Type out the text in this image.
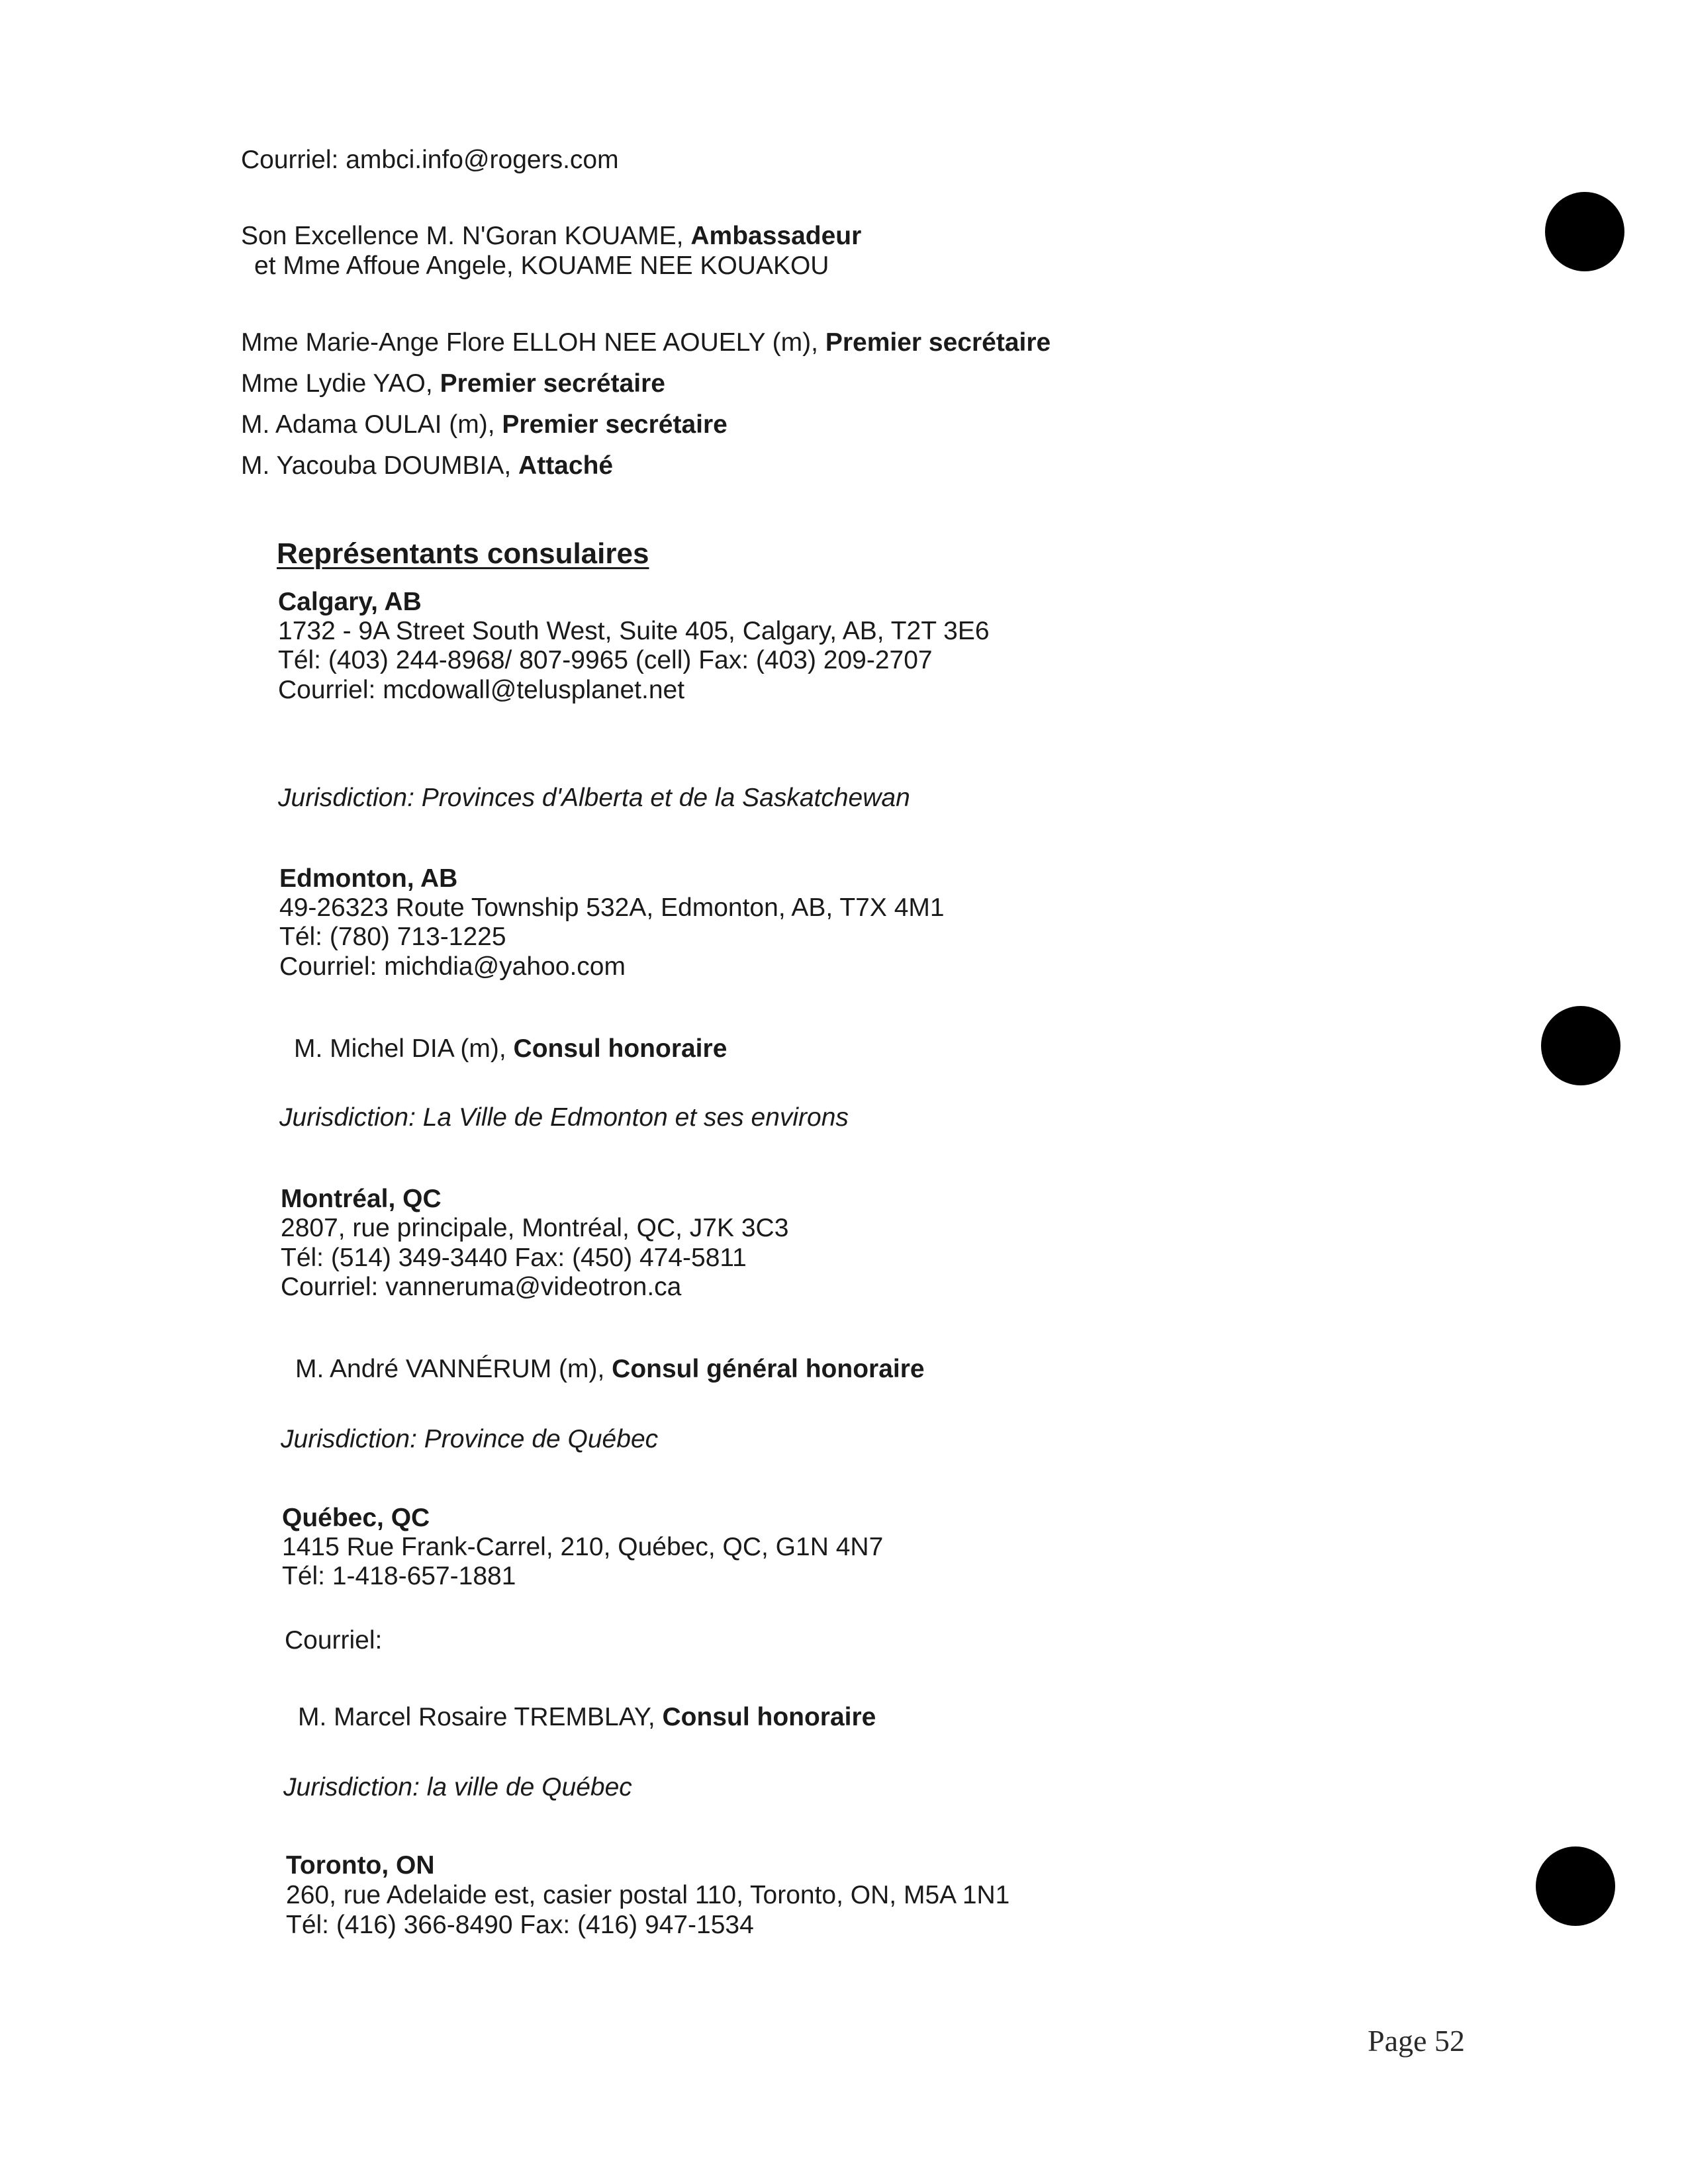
Courriel: ambci.info@rogers.com
Son Excellence M. N'Goran KOUAME, Ambassadeur
et Mme Affoue Angele, KOUAME NEE KOUAKOU
Mme Marie-Ange Flore ELLOH NEE AOUELY (m), Premier secrétaire
Mme Lydie YAO, Premier secrétaire
M. Adama OULAI (m), Premier secrétaire
M. Yacouba DOUMBIA, Attaché
Représentants consulaires
Calgary, AB
1732 - 9A Street South West, Suite 405, Calgary, AB, T2T 3E6
Tél: (403) 244-8968/ 807-9965 (cell) Fax: (403) 209-2707
Courriel: mcdowall@telusplanet.net
Jurisdiction: Provinces d'Alberta et de la Saskatchewan
Edmonton, AB
49-26323 Route Township 532A, Edmonton, AB, T7X 4M1
Tél: (780) 713-1225
Courriel: michdia@yahoo.com
M. Michel DIA (m), Consul honoraire
Jurisdiction: La Ville de Edmonton et ses environs
Montréal, QC
2807, rue principale, Montréal, QC, J7K 3C3
Tél: (514) 349-3440 Fax: (450) 474-5811
Courriel: vanneruma@videotron.ca
M. André VANNÉRUM (m), Consul général honoraire
Jurisdiction: Province de Québec
Québec, QC
1415 Rue Frank-Carrel, 210, Québec, QC, G1N 4N7
Tél: 1-418-657-1881
Courriel:
M. Marcel Rosaire TREMBLAY, Consul honoraire
Jurisdiction: la ville de Québec
Toronto, ON
260, rue Adelaide est, casier postal 110, Toronto, ON, M5A 1N1
Tél: (416) 366-8490 Fax: (416) 947-1534
Page 52
